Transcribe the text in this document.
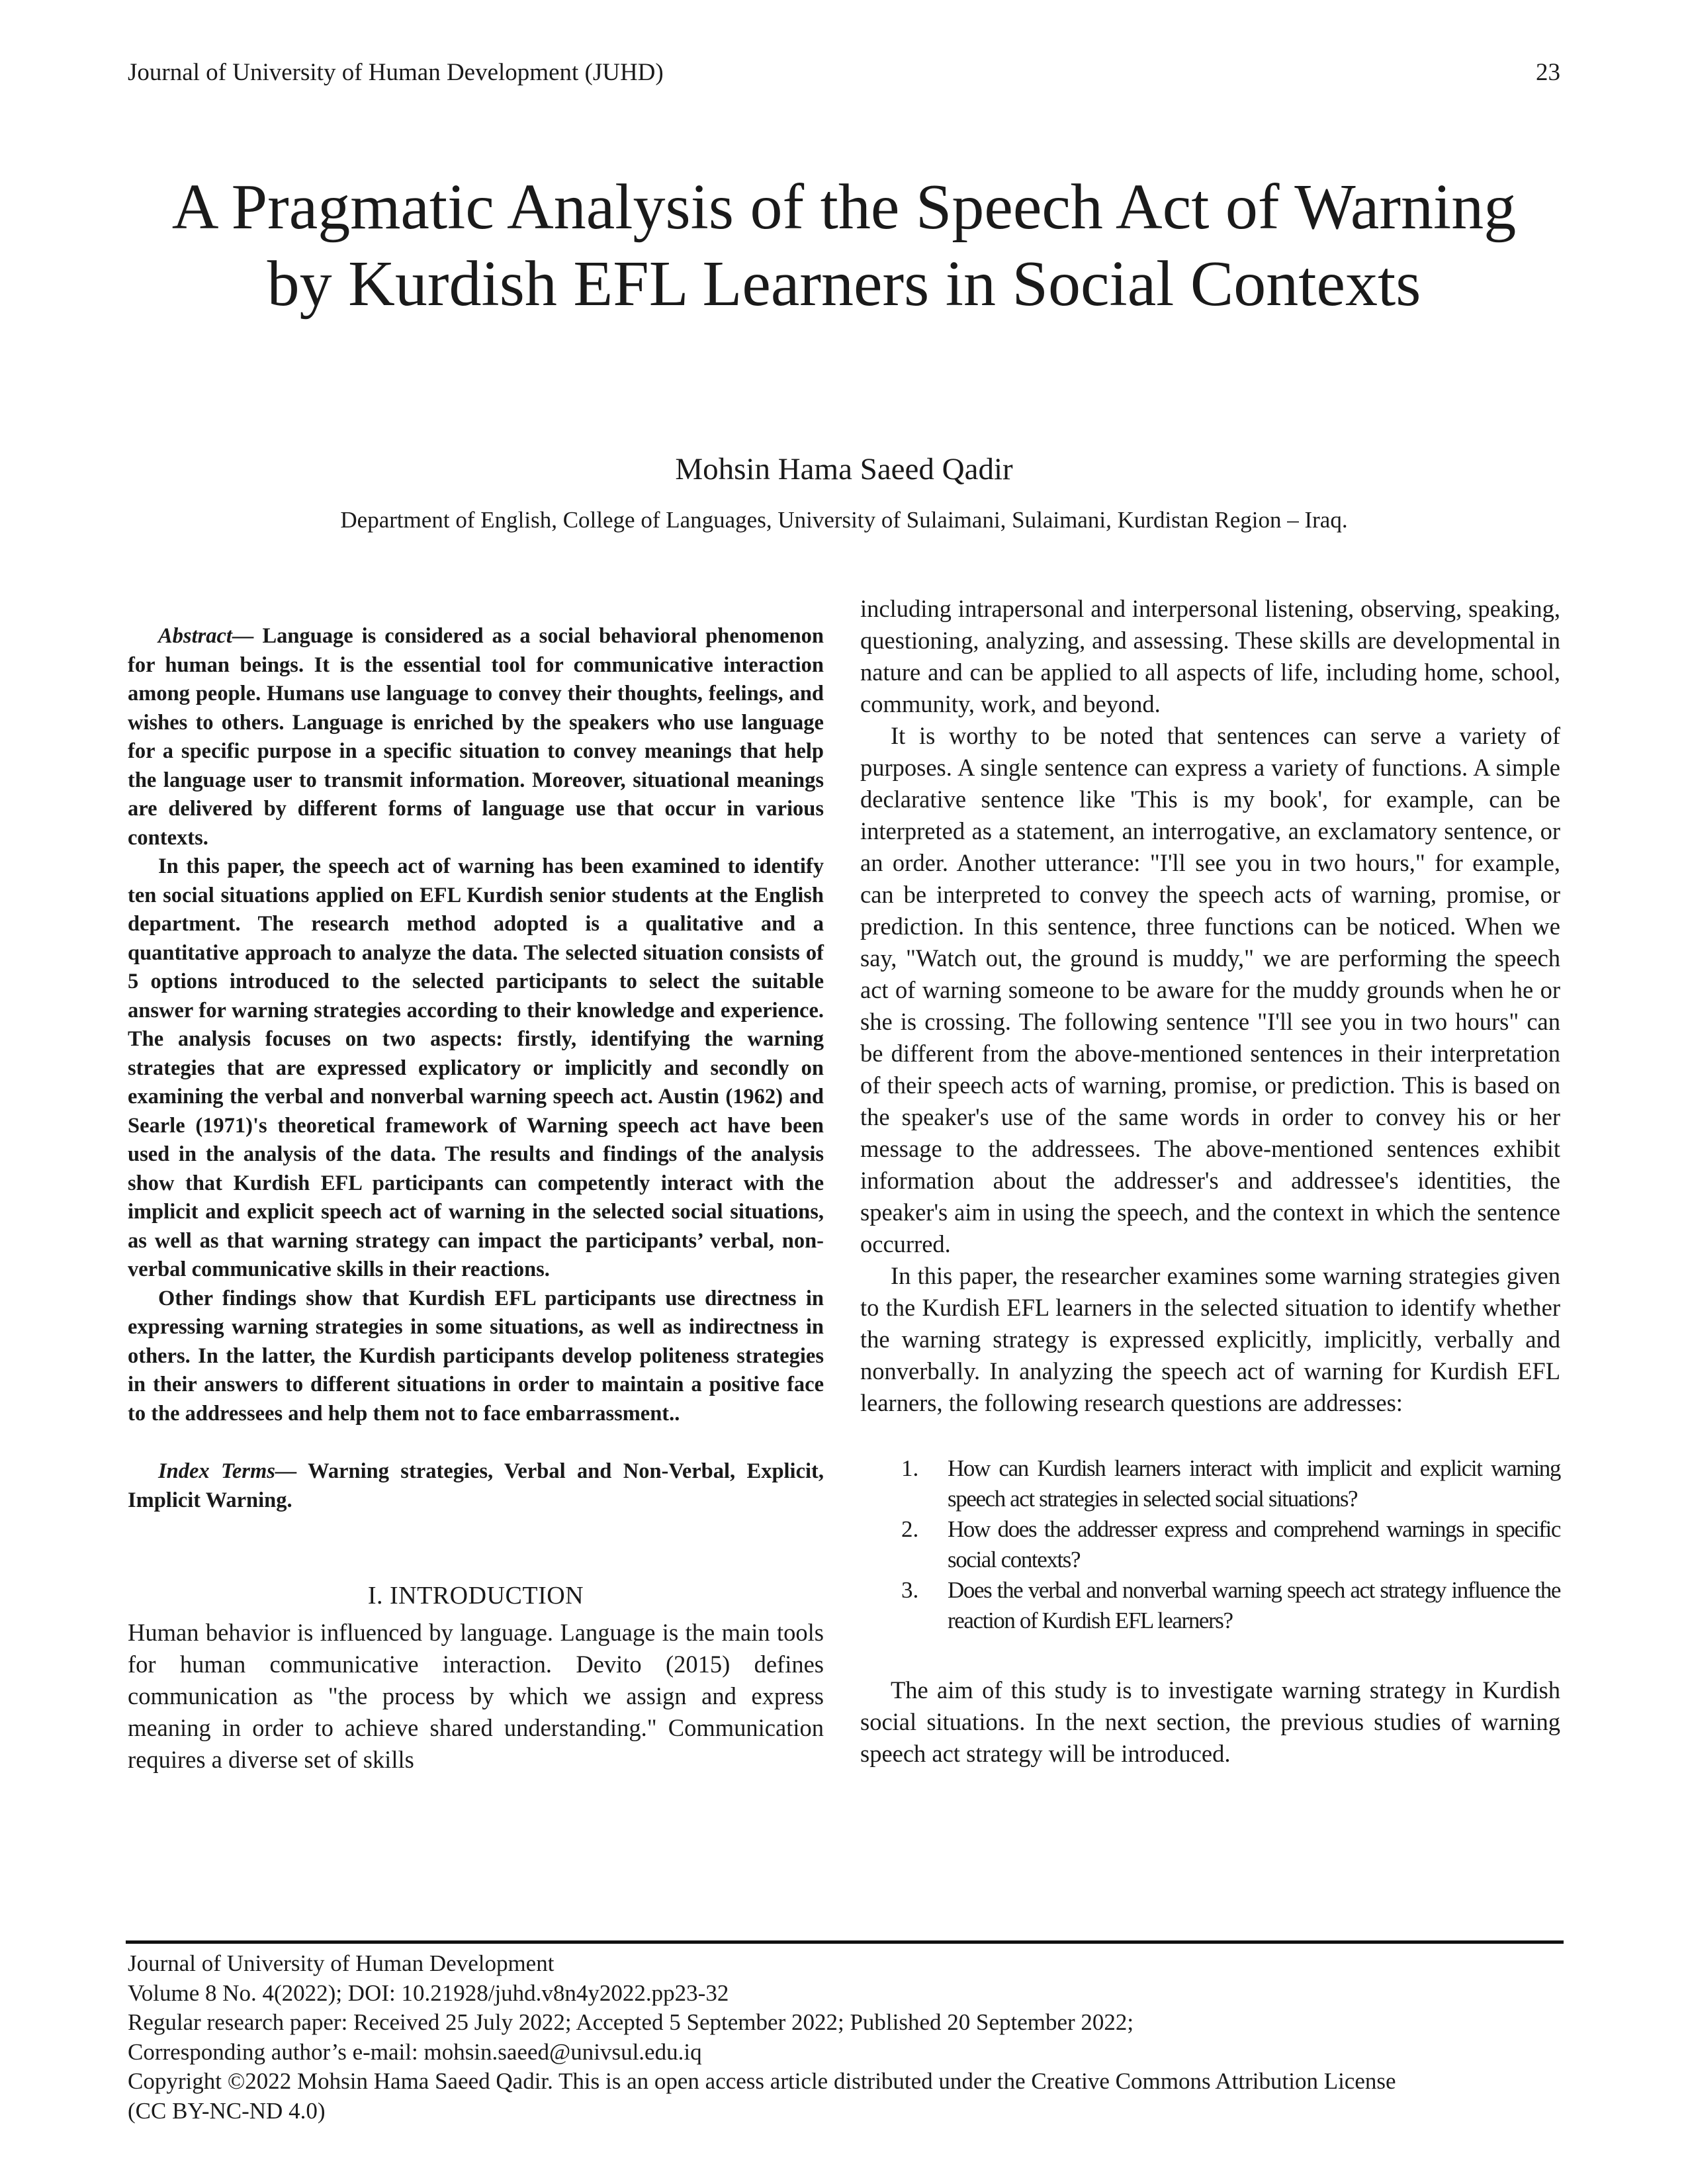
Journal of University of Human Development (JUHD)	23
A Pragmatic Analysis of the Speech Act of Warning by Kurdish EFL Learners in Social Contexts
Mohsin Hama Saeed Qadir
Department of English, College of Languages, University of Sulaimani, Sulaimani, Kurdistan Region – Iraq.

Abstract— Language is considered as a social behavioral phenomenon for human beings. It is the essential tool for communicative interaction among people. Humans use language to convey their thoughts, feelings, and wishes to others. Language is enriched by the speakers who use language for a specific purpose in a specific situation to convey meanings that help the language user to transmit information. Moreover, situational meanings are delivered by different forms of language use that occur in various contexts.

In this paper, the speech act of warning has been examined to identify ten social situations applied on EFL Kurdish senior students at the English department. The research method adopted is a qualitative and a quantitative approach to analyze the data. The selected situation consists of 5 options introduced to the selected participants to select the suitable answer for warning strategies according to their knowledge and experience. The analysis focuses on two aspects: firstly, identifying the warning strategies that are expressed explicatory or implicitly and secondly on examining the verbal and nonverbal warning speech act. Austin (1962) and Searle (1971)'s theoretical framework of Warning speech act have been used in the analysis of the data. The results and findings of the analysis show that Kurdish EFL participants can competently interact with the implicit and explicit speech act of warning in the selected social situations, as well as that warning strategy can impact the participants’ verbal, non-verbal communicative skills in their reactions.

Other findings show that Kurdish EFL participants use directness in expressing warning strategies in some situations, as well as indirectness in others. In the latter, the Kurdish participants develop politeness strategies in their answers to different situations in order to maintain a positive face to the addressees and help them not to face embarrassment..

Index Terms— Warning strategies, Verbal and Non-Verbal, Explicit, Implicit Warning.

I. INTRODUCTION

Human behavior is influenced by language. Language is the main tools for human communicative interaction. Devito (2015) defines communication as "the process by which we assign and express meaning in order to achieve shared understanding." Communication requires a diverse set of skills

including intrapersonal and interpersonal listening, observing, speaking, questioning, analyzing, and assessing. These skills are developmental in nature and can be applied to all aspects of life, including home, school, community, work, and beyond.

It is worthy to be noted that sentences can serve a variety of purposes. A single sentence can express a variety of functions. A simple declarative sentence like 'This is my book', for example, can be interpreted as a statement, an interrogative, an exclamatory sentence, or an order. Another utterance: "I'll see you in two hours," for example, can be interpreted to convey the speech acts of warning, promise, or prediction. In this sentence, three functions can be noticed. When we say, "Watch out, the ground is muddy," we are performing the speech act of warning someone to be aware for the muddy grounds when he or she is crossing. The following sentence "I'll see you in two hours" can be different from the above-mentioned sentences in their interpretation of their speech acts of warning, promise, or prediction. This is based on the speaker's use of the same words in order to convey his or her message to the addressees. The above-mentioned sentences exhibit information about the addresser's and addressee's identities, the speaker's aim in using the speech, and the context in which the sentence occurred.

In this paper, the researcher examines some warning strategies given to the Kurdish EFL learners in the selected situation to identify whether the warning strategy is expressed explicitly, implicitly, verbally and nonverbally. In analyzing the speech act of warning for Kurdish EFL learners, the following research questions are addresses:

1. How can Kurdish learners interact with implicit and explicit warning speech act strategies in selected social situations?
2. How does the addresser express and comprehend warnings in specific social contexts?
3. Does the verbal and nonverbal warning speech act strategy influence the reaction of Kurdish EFL learners?

The aim of this study is to investigate warning strategy in Kurdish social situations. In the next section, the previous studies of warning speech act strategy will be introduced.

Journal of University of Human Development
Volume 8 No. 4(2022); DOI: 10.21928/juhd.v8n4y2022.pp23-32
Regular research paper: Received 25 July 2022; Accepted 5 September 2022; Published 20 September 2022;
Corresponding author’s e-mail: mohsin.saeed@univsul.edu.iq
Copyright ©2022 Mohsin Hama Saeed Qadir. This is an open access article distributed under the Creative Commons Attribution License
(CC BY-NC-ND 4.0)
